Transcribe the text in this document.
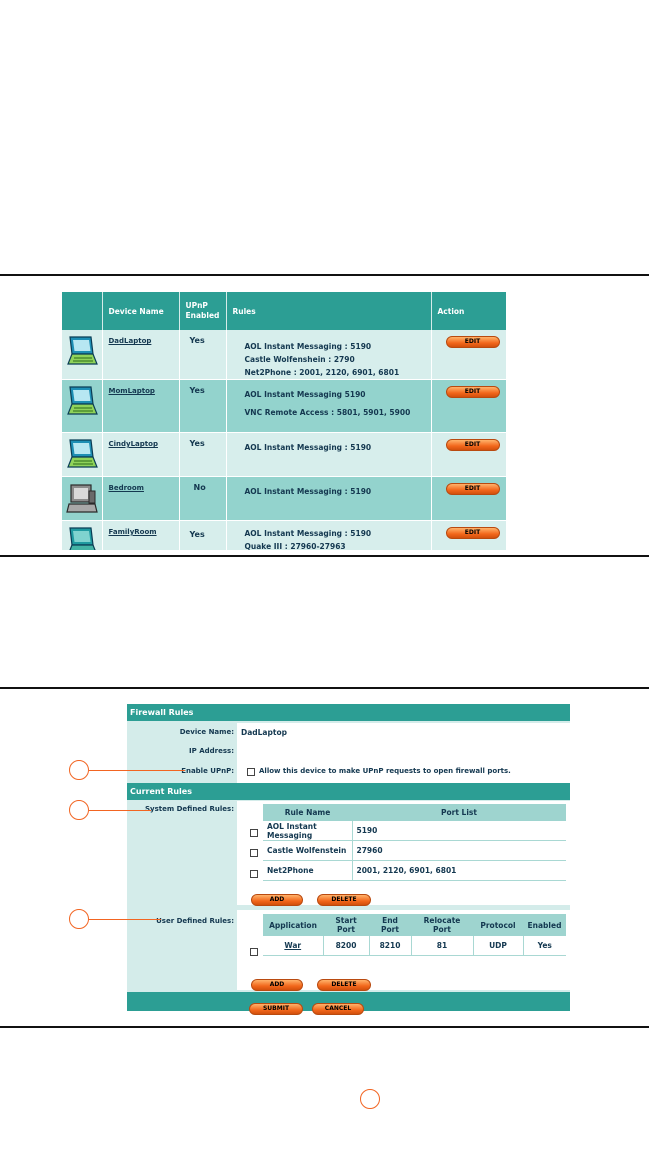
	Device Name	UPnP Enabled	Rules	Action
	DadLaptop	Yes	AOL Instant Messaging : 5190
Castle Wolfenshein : 2790
Net2Phone : 2001, 2120, 6901, 6801	EDIT

	MomLaptop	Yes	AOL Instant Messaging 5190
VNC Remote Access : 5801, 5901, 5900	EDIT

	CindyLaptop	Yes	AOL Instant Messaging : 5190	EDIT

	Bedroom	No	AOL Instant Messaging : 5190	EDIT

	FamilyRoom	Yes	AOL Instant Messaging : 5190
Quake III : 27960-27963	EDIT
Firewall Rules
Device Name: DadLaptop
IP Address:
Enable UPnP:	Allow this device to make UPnP requests to open firewall ports.
Current Rules
System Defined Rules:	Rule Name	Port List
AOL Instant Messaging	5190
Castle Wolfenstein	27960
Net2Phone	2001, 2120, 6901, 6801
ADD	DELETE
User Defined Rules:	Application	Start Port	End Port	Relocate Port	Protocol	Enabled
War	8200	8210	81	UDP	Yes
ADD	DELETE
SUBMIT	CANCEL
